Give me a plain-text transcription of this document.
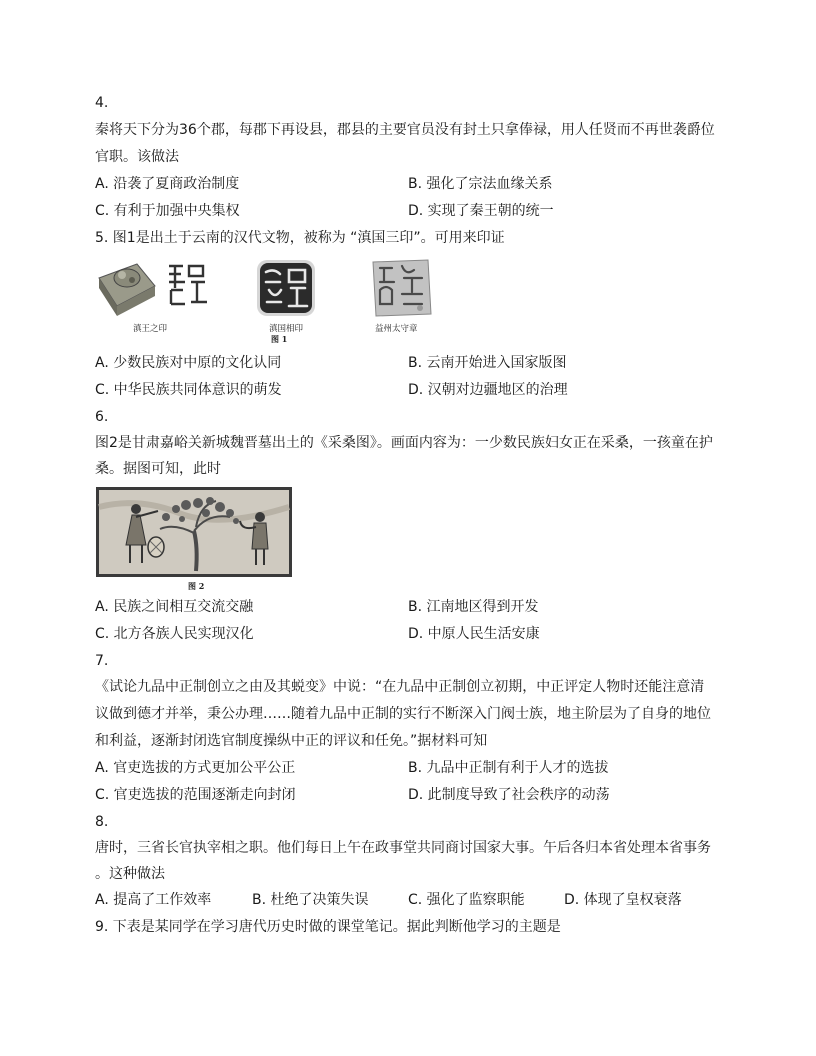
4.
秦将天下分为36个郡，每郡下再设县，郡县的主要官员没有封土只拿俸禄，用人任贤而不再世袭爵位
官职。该做法
A. 沿袭了夏商政治制度	B. 强化了宗法血缘关系
C. 有利于加强中央集权	D. 实现了秦王朝的统一
5. 图1是出土于云南的汉代文物，被称为 “滇国三印”。可用来印证
滇王之印	滇国相印
图 1
益州太守章
A. 少数民族对中原的文化认同	B. 云南开始进入国家版图
C. 中华民族共同体意识的萌发	D. 汉朝对边疆地区的治理
6.
图2是甘肃嘉峪关新城魏晋墓出土的《采桑图》。画面内容为：一少数民族妇女正在采桑，一孩童在护
桑。据图可知，此时
图 2
A. 民族之间相互交流交融	B. 江南地区得到开发
C. 北方各族人民实现汉化	D. 中原人民生活安康
7.
《试论九品中正制创立之由及其蜕变》中说：“在九品中正制创立初期，中正评定人物时还能注意清
议做到德才并举，秉公办理……随着九品中正制的实行不断深入门阀士族，地主阶层为了自身的地位
和利益，逐渐封闭选官制度操纵中正的评议和任免。”据材料可知
A. 官吏选拔的方式更加公平公正	B. 九品中正制有利于人才的选拔
C. 官吏选拔的范围逐渐走向封闭	D. 此制度导致了社会秩序的动荡
8.
唐时，三省长官执宰相之职。他们每日上午在政事堂共同商讨国家大事。午后各归本省处理本省事务
。这种做法
A. 提高了工作效率	B. 杜绝了决策失误	C. 强化了监察职能	D. 体现了皇权衰落
9. 下表是某同学在学习唐代历史时做的课堂笔记。据此判断他学习的主题是
